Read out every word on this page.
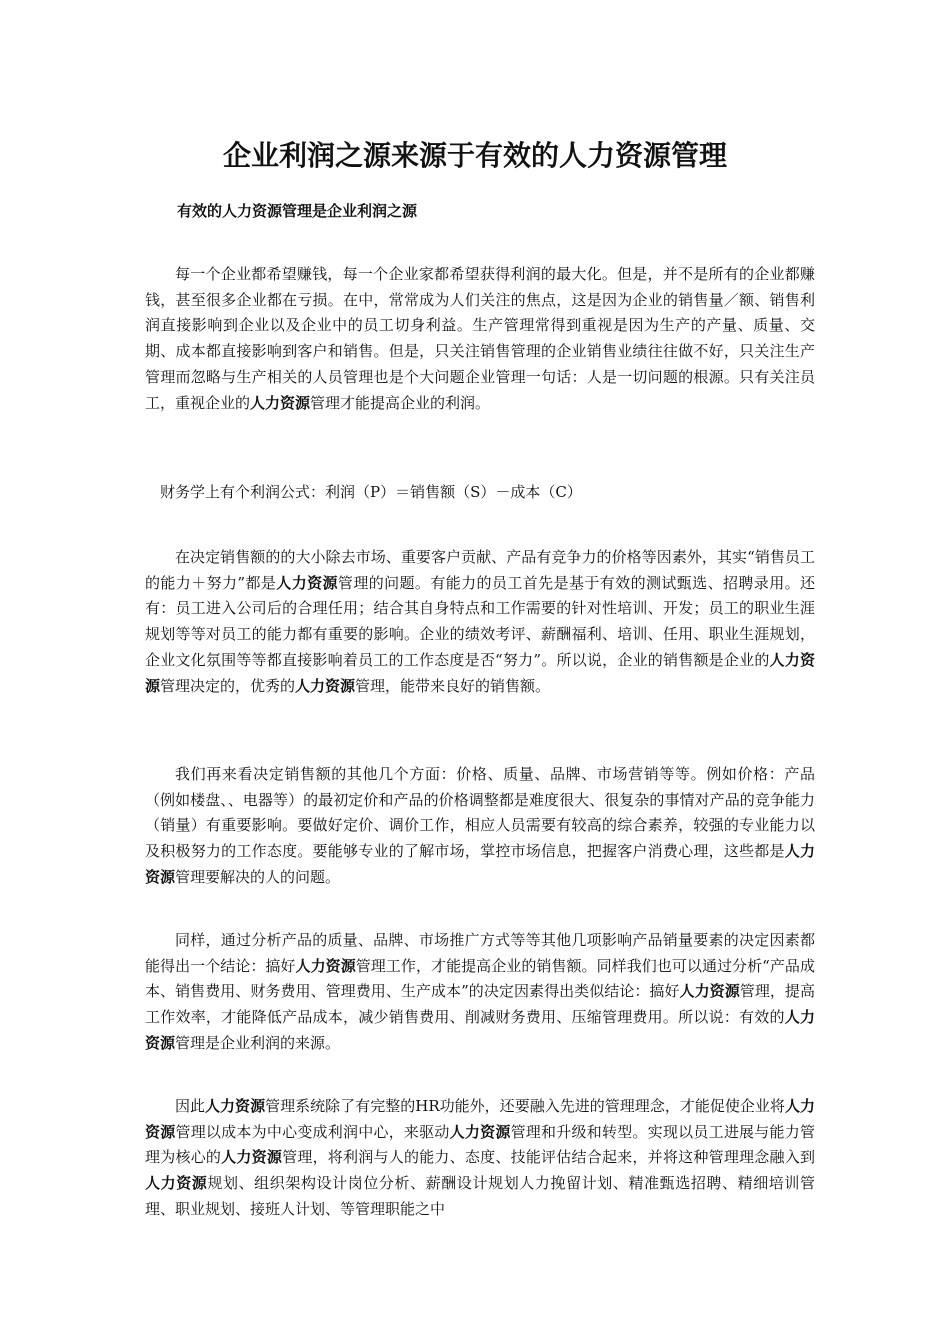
企业利润之源来源于有效的人力资源管理
有效的人力资源管理是企业利润之源

每一个企业都希望赚钱，每一个企业家都希望获得利润的最大化。但是，并不是所有的企业都赚钱，甚至很多企业都在亏损。在中，常常成为人们关注的焦点，这是因为企业的销售量／额、销售利润直接影响到企业以及企业中的员工切身利益。生产管理常得到重视是因为生产的产量、质量、交期、成本都直接影响到客户和销售。但是，只关注销售管理的企业销售业绩往往做不好，只关注生产管理而忽略与生产相关的人员管理也是个大问题企业管理一句话：人是一切问题的根源。只有关注员工，重视企业的人力资源管理才能提高企业的利润。

财务学上有个利润公式：利润（P）＝销售额（S）－成本（C）

在决定销售额的的大小除去市场、重要客户贡献、产品有竞争力的价格等因素外，其实“销售员工的能力＋努力”都是人力资源管理的问题。有能力的员工首先是基于有效的测试甄选、招聘录用。还有：员工进入公司后的合理任用；结合其自身特点和工作需要的针对性培训、开发；员工的职业生涯规划等等对员工的能力都有重要的影响。企业的绩效考评、薪酬福利、培训、任用、职业生涯规划，企业文化氛围等等都直接影响着员工的工作态度是否“努力”。所以说，企业的销售额是企业的人力资源管理决定的，优秀的人力资源管理，能带来良好的销售额。

我们再来看决定销售额的其他几个方面：价格、质量、品牌、市场营销等等。例如价格：产品（例如楼盘、、电器等）的最初定价和产品的价格调整都是难度很大、很复杂的事情对产品的竞争能力（销量）有重要影响。要做好定价、调价工作，相应人员需要有较高的综合素养，较强的专业能力以及积极努力的工作态度。要能够专业的了解市场，掌控市场信息，把握客户消费心理，这些都是人力资源管理要解决的人的问题。

同样，通过分析产品的质量、品牌、市场推广方式等等其他几项影响产品销量要素的决定因素都能得出一个结论：搞好人力资源管理工作，才能提高企业的销售额。同样我们也可以通过分析“产品成本、销售费用、财务费用、管理费用、生产成本”的决定因素得出类似结论：搞好人力资源管理，提高工作效率，才能降低产品成本，减少销售费用、削减财务费用、压缩管理费用。所以说：有效的人力资源管理是企业利润的来源。

因此人力资源管理系统除了有完整的HR功能外，还要融入先进的管理理念，才能促使企业将人力资源管理以成本为中心变成利润中心，来驱动人力资源管理和升级和转型。实现以员工进展与能力管理为核心的人力资源管理，将利润与人的能力、态度、技能评估结合起来，并将这种管理理念融入到人力资源规划、组织架构设计岗位分析、薪酬设计规划人力挽留计划、精准甄选招聘、精细培训管理、职业规划、接班人计划、等管理职能之中
